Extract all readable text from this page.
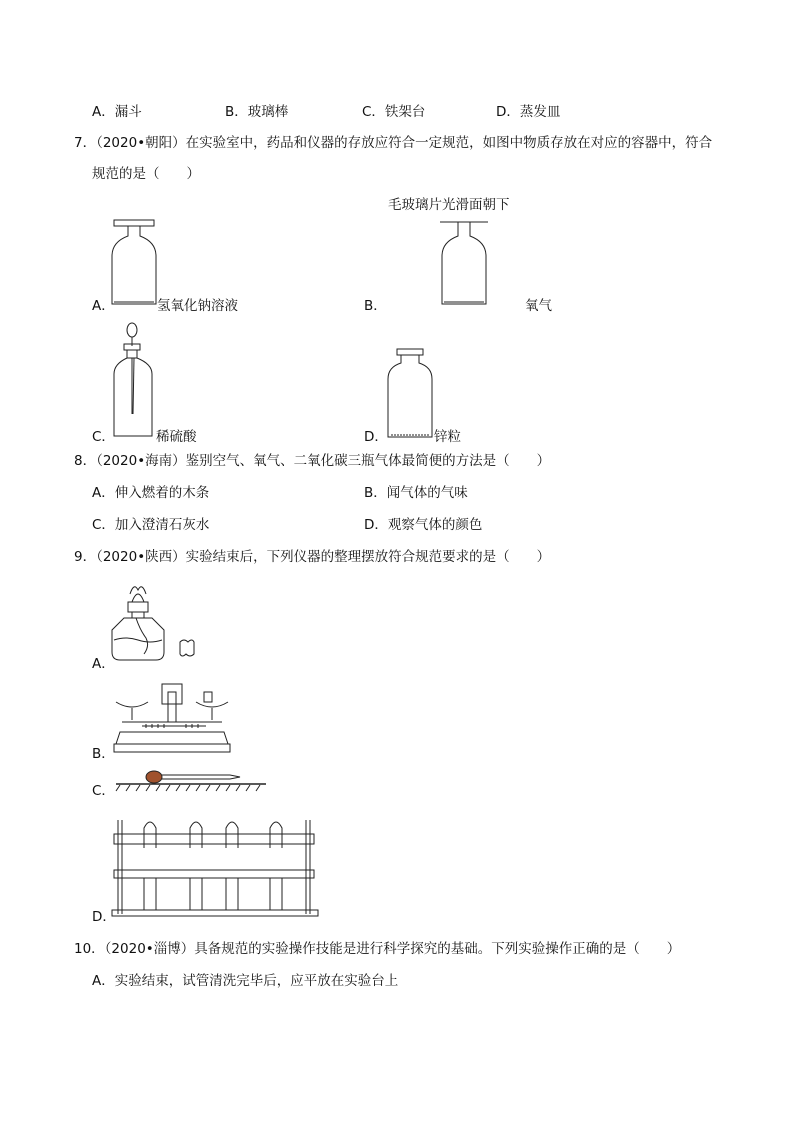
A．漏斗	B．玻璃棒	C．铁架台	D．蒸发皿
7．（2020•朝阳）在实验室中，药品和仪器的存放应符合一定规范，如图中物质存放在对应的容器中，符合
规范的是（　　）
毛玻璃片光滑面朝下
A．	氢氧化钠溶液	B．	氧气
C．	稀硫酸	D．	锌粒
8．（2020•海南）鉴别空气、氧气、二氧化碳三瓶气体最简便的方法是（　　）
A．伸入燃着的木条	B．闻气体的气味
C．加入澄清石灰水	D．观察气体的颜色
9．（2020•陕西）实验结束后，下列仪器的整理摆放符合规范要求的是（　　）
A．
B．
C．
D．
10．（2020•淄博）具备规范的实验操作技能是进行科学探究的基础。下列实验操作正确的是（　　）
A．实验结束，试管清洗完毕后，应平放在实验台上
